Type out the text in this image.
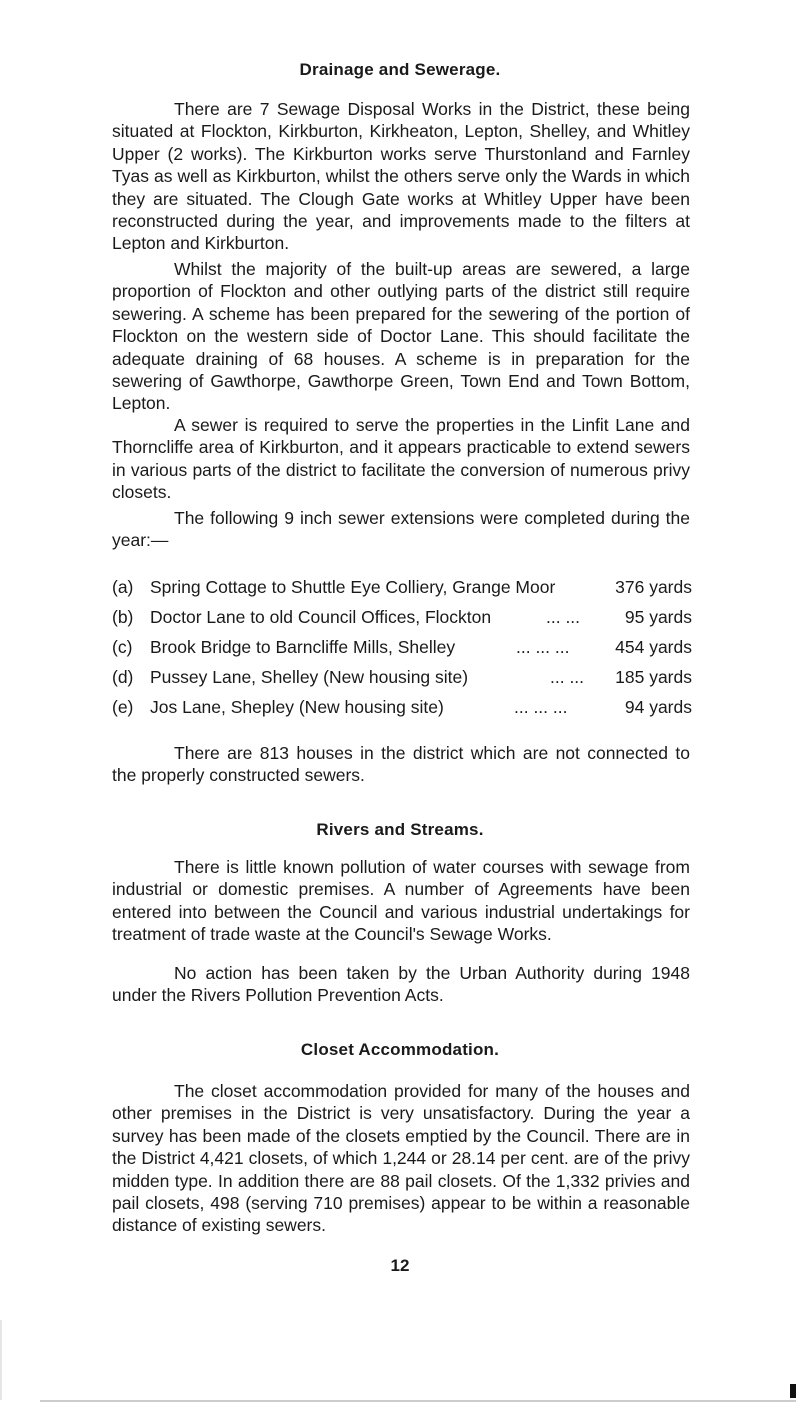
Drainage and Sewerage.

There are 7 Sewage Disposal Works in the District, these being situated at Flockton, Kirkburton, Kirkheaton, Lepton, Shelley, and Whitley Upper (2 works). The Kirkburton works serve Thurstonland and Farnley Tyas as well as Kirkburton, whilst the others serve only the Wards in which they are situated. The Clough Gate works at Whitley Upper have been reconstructed during the year, and improvements made to the filters at Lepton and Kirkburton.

Whilst the majority of the built-up areas are sewered, a large proportion of Flockton and other outlying parts of the district still require sewering. A scheme has been prepared for the sewering of the portion of Flockton on the western side of Doctor Lane. This should facilitate the adequate draining of 68 houses. A scheme is in preparation for the sewering of Gawthorpe, Gawthorpe Green, Town End and Town Bottom, Lepton.

A sewer is required to serve the properties in the Linfit Lane and Thorncliffe area of Kirkburton, and it appears practicable to extend sewers in various parts of the district to facilitate the conversion of numerous privy closets.

The following 9 inch sewer extensions were completed during the year:—

(a) Spring Cottage to Shuttle Eye Colliery, Grange Moor	376 yards
(b) Doctor Lane to old Council Offices, Flockton	... ...	95 yards
(c) Brook Bridge to Barncliffe Mills, Shelley	... ... ...	454 yards
(d) Pussey Lane, Shelley (New housing site)	... ... 185 yards
(e) Jos Lane, Shepley (New housing site)	... ... ...	94 yards

There are 813 houses in the district which are not connected to the properly constructed sewers.

Rivers and Streams.

There is little known pollution of water courses with sewage from industrial or domestic premises. A number of Agreements have been entered into between the Council and various industrial undertakings for treatment of trade waste at the Council's Sewage Works.

No action has been taken by the Urban Authority during 1948 under the Rivers Pollution Prevention Acts.

Closet Accommodation.

The closet accommodation provided for many of the houses and other premises in the District is very unsatisfactory. During the year a survey has been made of the closets emptied by the Council. There are in the District 4,421 closets, of which 1,244 or 28.14 per cent. are of the privy midden type. In addition there are 88 pail closets. Of the 1,332 privies and pail closets, 498 (serving 710 premises) appear to be within a reasonable distance of existing sewers.

12
